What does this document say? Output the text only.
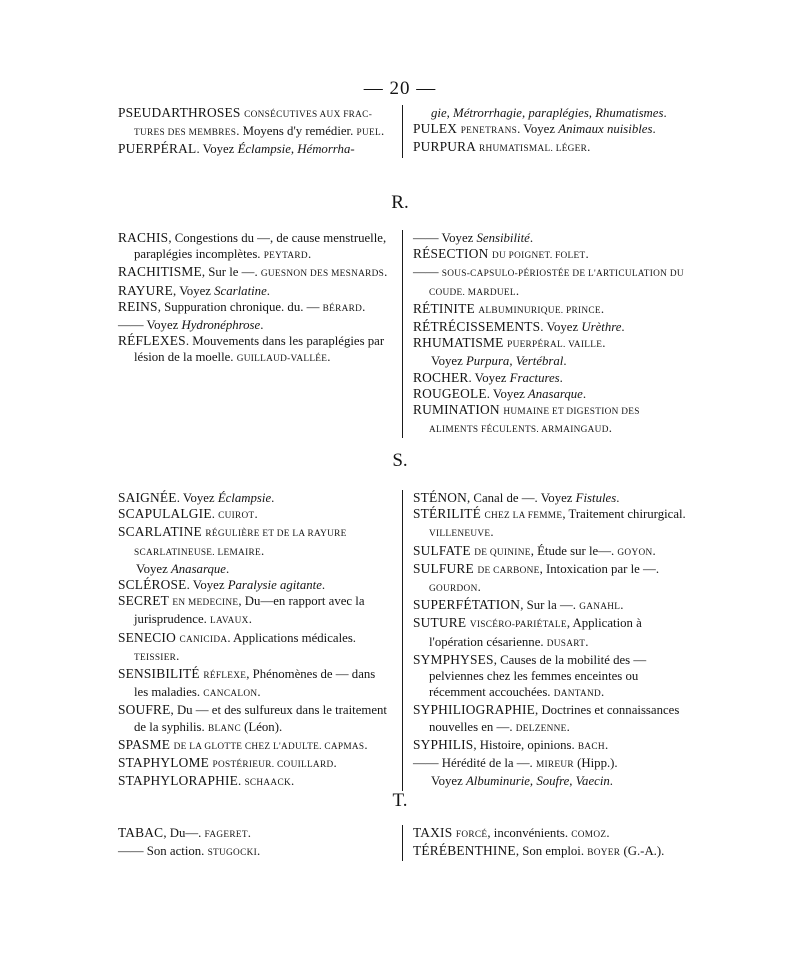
— 20 —

PSEUDARTHROSES CONSÉCUTIVES AUX FRAC-TURES DES MEMBRES. Moyens d'y remédier. PUEL.

PUERPÉRAL. Voyez Éclampsie, Hémorrha-

gie, Métrorrhagie, paraplégies, Rhumatismes.

PULEX PENETRANS. Voyez Animaux nuisibles.

PURPURA RHUMATISMAL. LÉGER.

R.

RACHIS, Congestions du —, de cause menstruelle, paraplégies incomplètes. PEYTARD.

RACHITISME, Sur le —. GUESNON DES MESNARDS.

RAYURE, Voyez Scarlatine.

REINS, Suppuration chronique. du. — BÉRARD.

—— Voyez Hydronéphrose.

RÉFLEXES. Mouvements dans les paraplégies par lésion de la moelle. GUILLAUD-VALLÉE.

—— Voyez Sensibilité.

RÉSECTION DU POIGNET. FOLET.

—— SOUS-CAPSULO-PÉRIOSTÉE DE L'ARTICULATION DU COUDE. MARDUEL.

RÉTINITE ALBUMINURIQUE. PRINCE.

RÉTRÉCISSEMENTS. Voyez Urèthre.

RHUMATISME PUERPÉRAL. VAILLE.

Voyez Purpura, Vertébral.

ROCHER. Voyez Fractures.

ROUGEOLE. Voyez Anasarque.

RUMINATION HUMAINE ET DIGESTION DES ALIMENTS FÉCULENTS. ARMAINGAUD.

S.

SAIGNÉE. Voyez Éclampsie.

SCAPULALGIE. CUIROT.

SCARLATINE RÉGULIÈRE ET DE LA RAYURE SCARLATINEUSE. LEMAIRE.

Voyez Anasarque.

SCLÉROSE. Voyez Paralysie agitante.

SECRET EN MEDECINE, Du—en rapport avec la jurisprudence. LAVAUX.

SENECIO CANICIDA. Applications médicales. TEISSIER.

SENSIBILITÉ RÉFLEXE, Phénomènes de — dans les maladies. CANCALON.

SOUFRE, Du — et des sulfureux dans le traitement de la syphilis. BLANC (Léon).

SPASME DE LA GLOTTE CHEZ L'ADULTE. CAPMAS.

STAPHYLOME POSTÉRIEUR. COUILLARD.

STAPHYLORAPHIE. SCHAACK.

STÉNON, Canal de —. Voyez Fistules.

STÉRILITÉ CHEZ LA FEMME, Traitement chirurgical. VILLENEUVE.

SULFATE DE QUININE, Étude sur le—. GOYON.

SULFURE DE CARBONE, Intoxication par le —. GOURDON.

SUPERFÉTATION, Sur la —. GANAHL.

SUTURE VISCÉRO-PARIÉTALE, Application à l'opération césarienne. DUSART.

SYMPHYSES, Causes de la mobilité des — pelviennes chez les femmes enceintes ou récemment accouchées. DANTAND.

SYPHILIOGRAPHIE, Doctrines et connaissances nouvelles en —. DELZENNE.

SYPHILIS, Histoire, opinions. BACH.

—— Hérédité de la —. MIREUR (Hipp.).

Voyez Albuminurie, Soufre, Vaecin.

T.

TABAC, Du—. FAGERET.

—— Son action. STUGOCKI.

TAXIS FORCÉ, inconvénients. COMOZ.

TÉRÉBENTHINE, Son emploi. BOYER (G.-A.).
